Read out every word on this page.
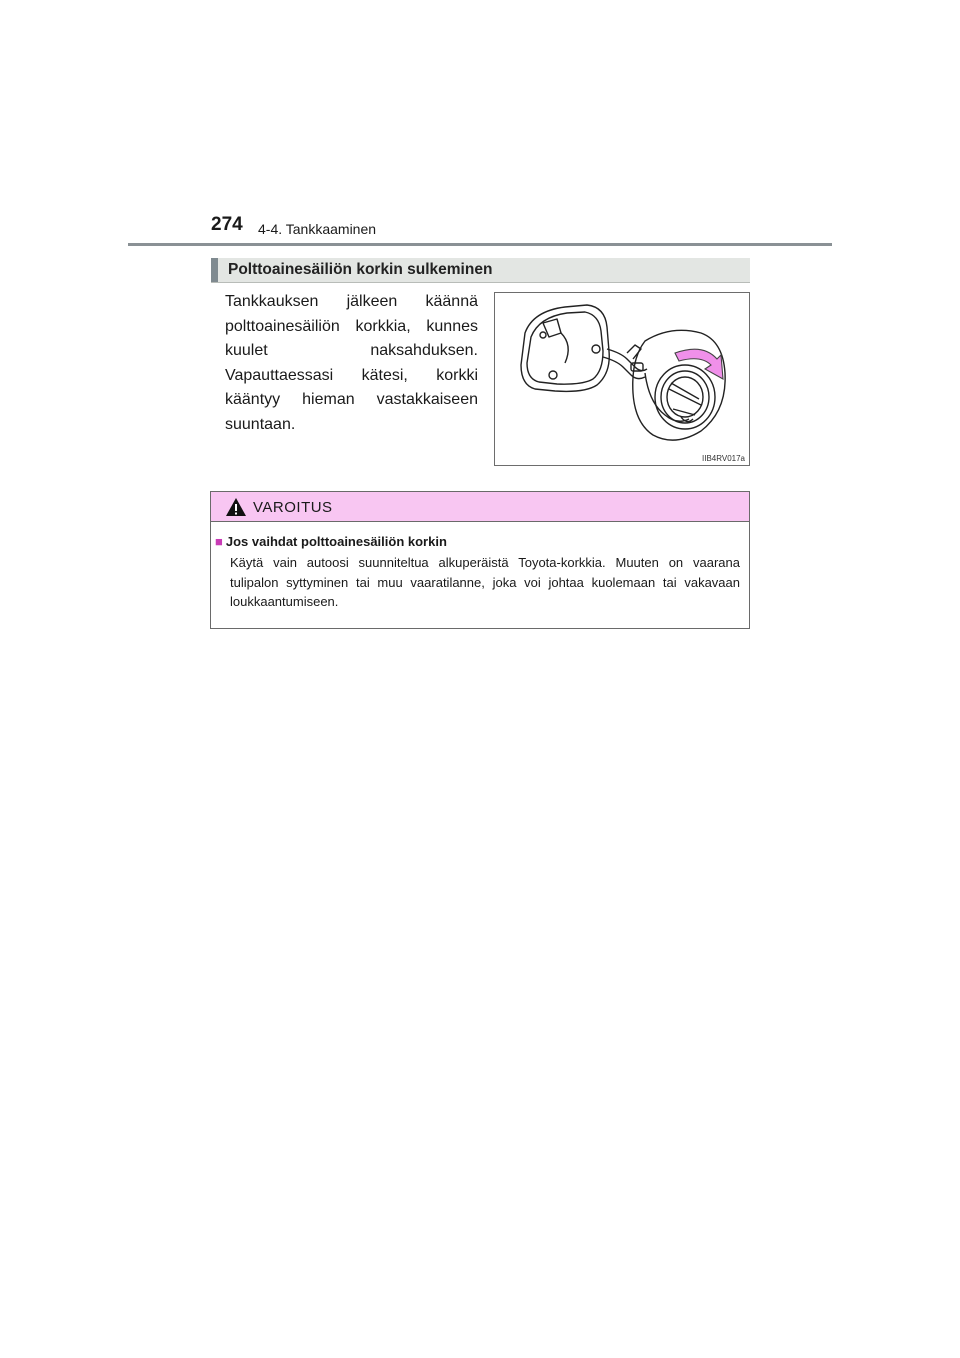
274 4-4. Tankkaaminen
Polttoainesäiliön korkin sulkeminen
Tankkauksen jälkeen käännä polttoainesäiliön korkkia, kunnes kuulet naksahduksen. Vapauttaessasi kätesi, korkki kääntyy hieman vastakkaiseen suuntaan.
IIB4RV017a
VAROITUS
■ Jos vaihdat polttoainesäiliön korkin
Käytä vain autoosi suunniteltua alkuperäistä Toyota-korkkia. Muuten on vaarana tulipalon syttyminen tai muu vaaratilanne, joka voi johtaa kuolemaan tai vakavaan loukkaantumiseen.
